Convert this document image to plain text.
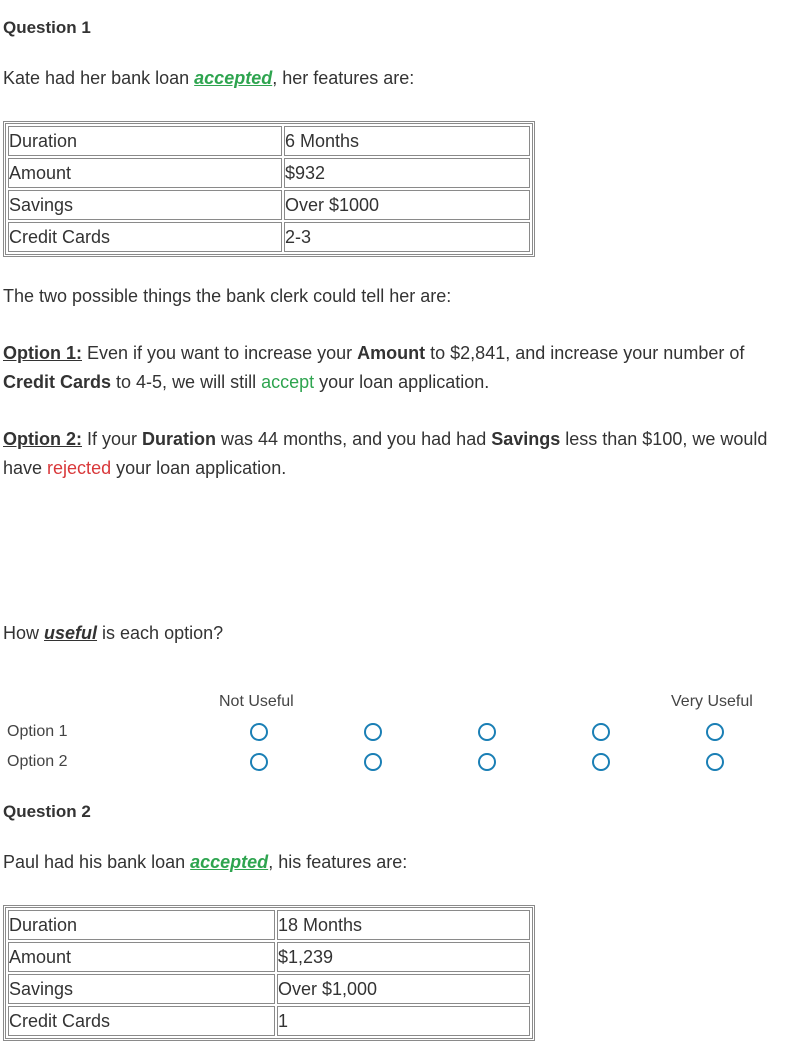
Question 1
Kate had her bank loan accepted, her features are:
Duration	6 Months
Amount	$932
Savings	Over $1000
Credit Cards	2-3
The two possible things the bank clerk could tell her are:
Option 1: Even if you want to increase your Amount to $2,841, and increase your number of Credit Cards to 4-5, we will still accept your loan application.
Option 2: If your Duration was 44 months, and you had had Savings less than $100, we would have rejected your loan application.
How useful is each option?
Not Useful	Very Useful
Option 1
Option 2
Question 2
Paul had his bank loan accepted, his features are:
Duration	18 Months
Amount	$1,239
Savings	Over $1,000
Credit Cards	1
